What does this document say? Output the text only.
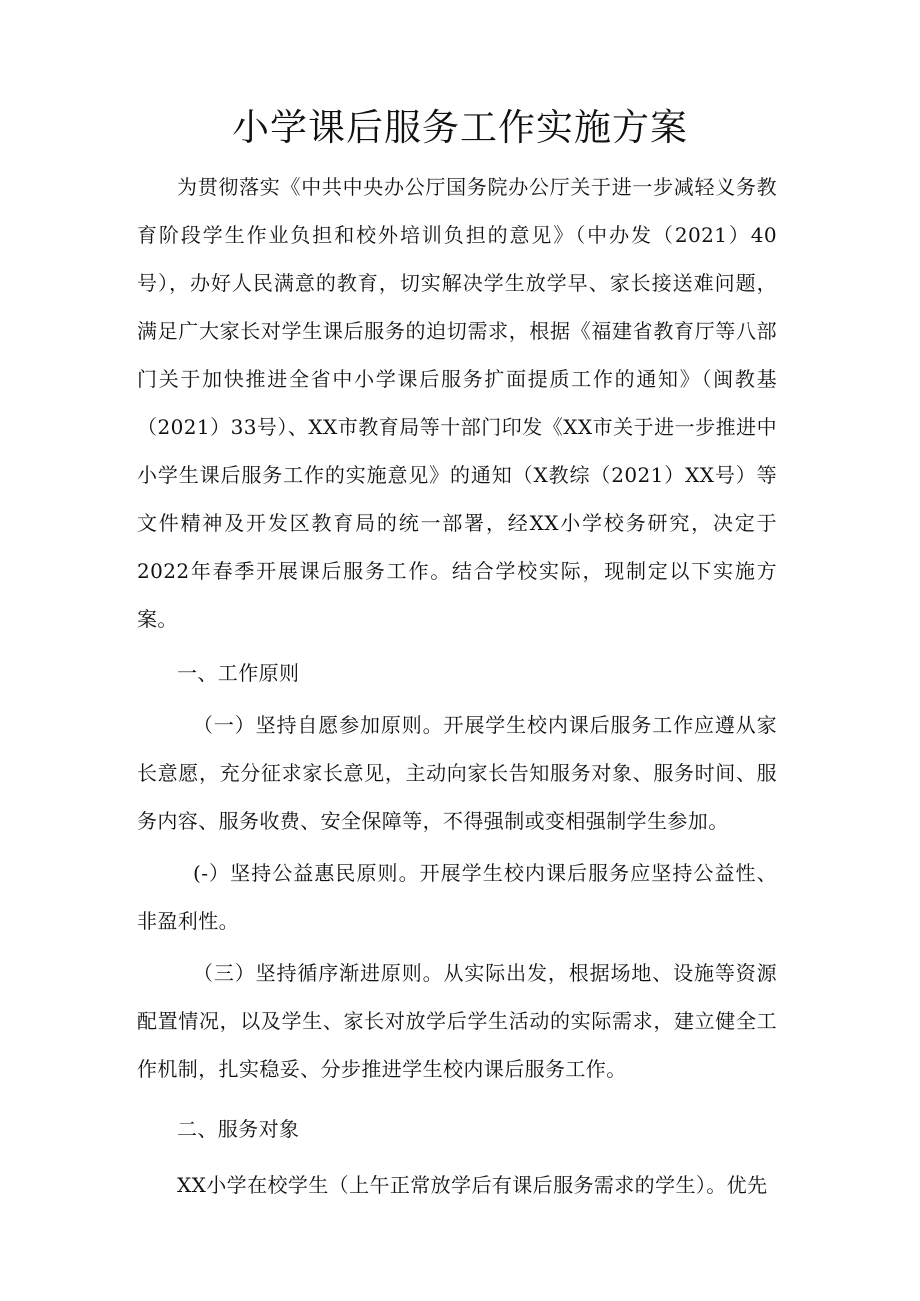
小学课后服务工作实施方案

为贯彻落实《中共中央办公厅国务院办公厅关于进一步减轻义务教育阶段学生作业负担和校外培训负担的意见》（中办发（2021）40号），办好人民满意的教育，切实解决学生放学早、家长接送难问题，满足广大家长对学生课后服务的迫切需求，根据《福建省教育厅等八部门关于加快推进全省中小学课后服务扩面提质工作的通知》（闽教基（2021）33号）、XX市教育局等十部门印发《XX市关于进一步推进中小学生课后服务工作的实施意见》的通知（X教综（2021）XX号）等文件精神及开发区教育局的统一部署，经XX小学校务研究，决定于2022年春季开展课后服务工作。结合学校实际，现制定以下实施方案。

一、工作原则

（一）坚持自愿参加原则。开展学生校内课后服务工作应遵从家长意愿，充分征求家长意见，主动向家长告知服务对象、服务时间、服务内容、服务收费、安全保障等，不得强制或变相强制学生参加。

(-）坚持公益惠民原则。开展学生校内课后服务应坚持公益性、非盈利性。

（三）坚持循序渐进原则。从实际出发，根据场地、设施等资源配置情况，以及学生、家长对放学后学生活动的实际需求，建立健全工作机制，扎实稳妥、分步推进学生校内课后服务工作。

二、服务对象

XX小学在校学生（上午正常放学后有课后服务需求的学生）。优先
